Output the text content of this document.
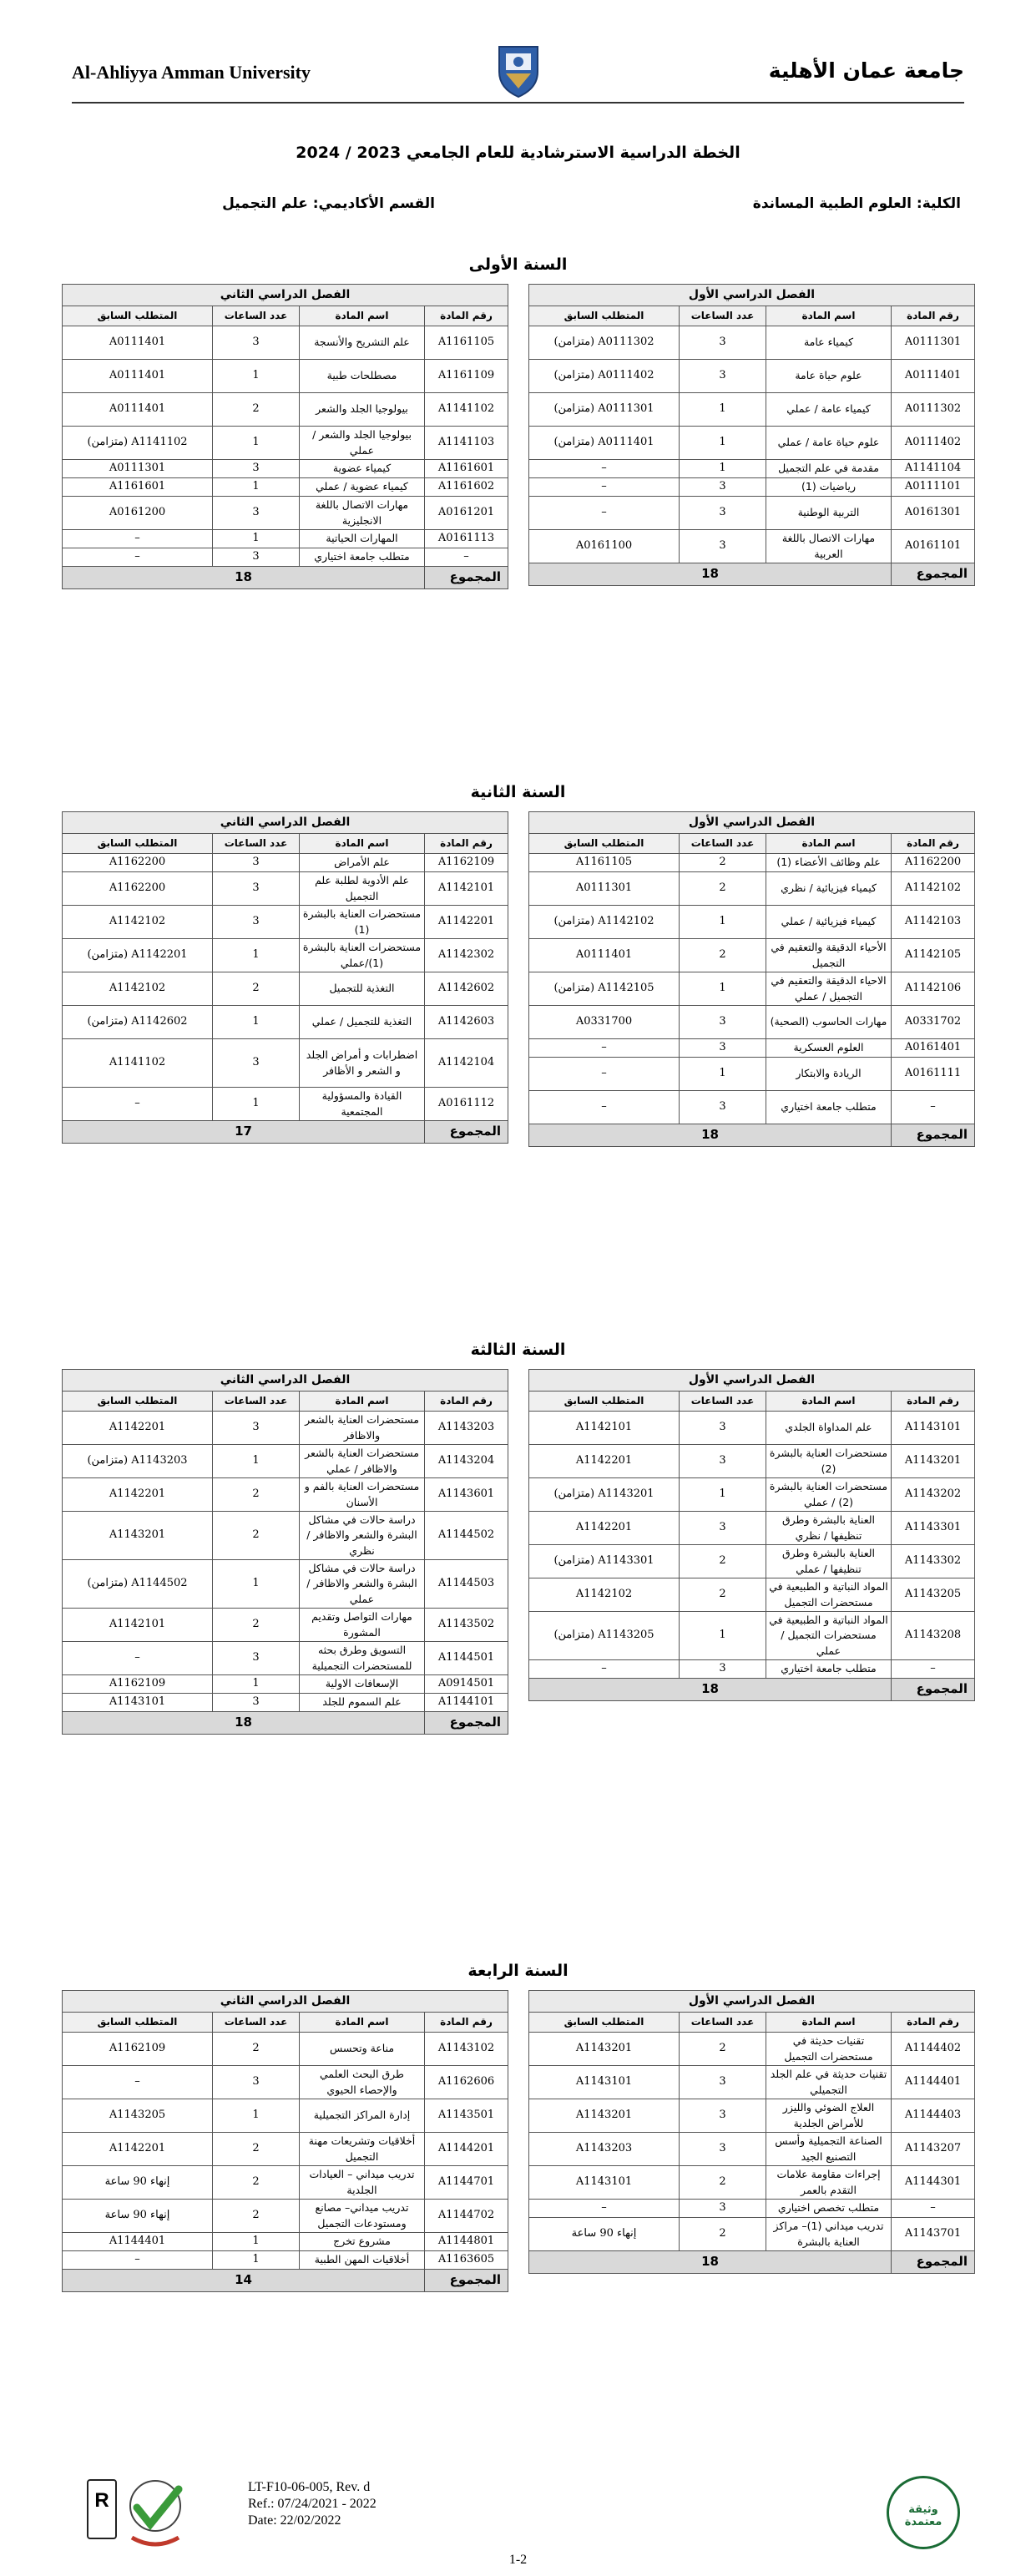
Al-Ahliyya Amman University	جامعة عمان الأهلية
الخطة الدراسية الاسترشادية للعام الجامعي 2023 / 2024
الكلية: العلوم الطبية المساندة
القسم الأكاديمي: علم التجميل
السنة الأولى
الفصل الدراسي الأول			
رقم المادة	اسم المادة	عدد الساعات	المتطلب السابق
A0111301	كيمياء عامة	3	A0111302 (متزامن)
A0111401	علوم حياة عامة	3	A0111402 (متزامن)
A0111302	كيمياء عامة / عملي	1	A0111301 (متزامن)
A0111402	علوم حياة عامة / عملي	1	A0111401 (متزامن)
A1141104	مقدمة في علم التجميل	1	–
A0111101	رياضيات (1)	3	–
A0161301	التربية الوطنية	3	–
A0161101	مهارات الاتصال باللغة العربية	3	A0161100
المجموع	18		
الفصل الدراسي الثاني			
رقم المادة	اسم المادة	عدد الساعات	المتطلب السابق
A1161105	علم التشريح والأنسجة	3	A0111401
A1161109	مصطلحات طبية	1	A0111401
A1141102	بيولوجيا الجلد والشعر	2	A0111401
A1141103	بيولوجيا الجلد والشعر / عملي	1	A1141102 (متزامن)
A1161601	كيمياء عضوية	3	A0111301
A1161602	كيمياء عضوية / عملي	1	A1161601
A0161201	مهارات الاتصال باللغة الانجليزية	3	A0161200
A0161113	المهارات الحياتية	1	–
–	متطلب جامعة اختياري	3	–
المجموع	18		
السنة الثانية
الفصل الدراسي الأول			
رقم المادة	اسم المادة	عدد الساعات	المتطلب السابق
A1162200	علم وظائف الأعضاء (1)	2	A1161105
A1142102	كيمياء فيزيائية / نظري	2	A0111301
A1142103	كيمياء فيزيائية / عملي	1	A1142102 (متزامن)
A1142105	الأحياء الدقيقة والتعقيم في التجميل	2	A0111401
A1142106	الاحياء الدقيقة والتعقيم في التجميل / عملي	1	A1142105 (متزامن)
A0331702	مهارات الحاسوب (الصحية)	3	A0331700
A0161401	العلوم العسكرية	3	–
A0161111	الريادة والابتكار	1	–
–	متطلب جامعة اختياري	3	–
المجموع	18		
الفصل الدراسي الثاني			
رقم المادة	اسم المادة	عدد الساعات	المتطلب السابق
A1162109	علم الأمراض	3	A1162200
A1142101	علم الأدوية لطلبة علم التجميل	3	A1162200
A1142201	مستحضرات العناية بالبشرة (1)	3	A1142102
A1142302	مستحضرات العناية بالبشرة (1)/عملي	1	A1142201 (متزامن)
A1142602	التغذية للتجميل	2	A1142102
A1142603	التغذية للتجميل / عملي	1	A1142602 (متزامن)
A1142104	اضطرابات و أمراض الجلد و الشعر و الأظافر	3	A1141102
A0161112	القيادة والمسؤولية المجتمعية	1	–
المجموع	17		
السنة الثالثة
الفصل الدراسي الأول			
رقم المادة	اسم المادة	عدد الساعات	المتطلب السابق
A1143101	علم المداواة الجلدي	3	A1142101
A1143201	مستحضرات العناية بالبشرة (2)	3	A1142201
A1143202	مستحضرات العناية بالبشرة (2) / عملي	1	A1143201 (متزامن)
A1143301	العناية بالبشرة وطرق تنظيفها / نظري	3	A1142201
A1143302	العناية بالبشرة وطرق تنظيفها / عملي	2	A1143301 (متزامن)
A1143205	المواد النباتية و الطبيعية في مستحضرات التجميل	2	A1142102
A1143208	المواد النباتية و الطبيعية في مستحضرات التجميل / عملي	1	A1143205 (متزامن)
–	متطلب جامعة اختياري	3	–
المجموع	18		
الفصل الدراسي الثاني			
رقم المادة	اسم المادة	عدد الساعات	المتطلب السابق
A1143203	مستحضرات العناية بالشعر والاظافر	3	A1142201
A1143204	مستحضرات العناية بالشعر والاظافر / عملي	1	A1143203 (متزامن)
A1143601	مستحضرات العناية بالفم و الأسنان	2	A1142201
A1144502	دراسة حالات في مشاكل البشرة والشعر والاظافر / نظري	2	A1143201
A1144503	دراسة حالات في مشاكل البشرة والشعر والاظافر / عملي	1	A1144502 (متزامن)
A1143502	مهارات التواصل وتقديم المشورة	2	A1142101
A1144501	التسويق وطرق بحثه للمستحضرات التجميلية	3	–
A0914501	الإسعافات الاولية	1	A1162109
A1144101	علم السموم للجلد	3	A1143101
المجموع	18		
السنة الرابعة
الفصل الدراسي الأول			
رقم المادة	اسم المادة	عدد الساعات	المتطلب السابق
A1144402	تقنيات حديثة في مستحضرات التجميل	2	A1143201
A1144401	تقنيات حديثة في علم الجلد التجميلي	3	A1143101
A1144403	العلاج الضوئي والليزر للأمراض الجلدية	3	A1143201
A1143207	الصناعة التجميلية وأسس التصنيع الجيد	3	A1143203
A1144301	إجراءات مقاومة علامات التقدم بالعمر	2	A1143101
–	متطلب تخصص اختياري	3	–
A1143701	تدريب ميداني (1)– مراكز العناية بالبشرة	2	إنهاء 90 ساعة
المجموع	18		
الفصل الدراسي الثاني			
رقم المادة	اسم المادة	عدد الساعات	المتطلب السابق
A1143102	مناعة وتحسس	2	A1162109
A1162606	طرق البحث العلمي والإحصاء الحيوي	3	–
A1143501	إدارة المراكز التجميلية	1	A1143205
A1144201	أخلاقيات وتشريعات مهنة التجميل	2	A1142201
A1144701	تدريب ميداني – العيادات الجلدية	2	إنهاء 90 ساعة
A1144702	تدريب ميداني– مصانع ومستودعات التجميل	2	إنهاء 90 ساعة
A1144801	مشروع تخرج	1	A1144401
A1163605	أخلاقيات المهن الطبية	1	–
المجموع	14		
R
LT-F10-06-005, Rev. d
Ref.: 07/24/2021 - 2022
Date: 22/02/2022
وثيقة معتمدة
1-2
